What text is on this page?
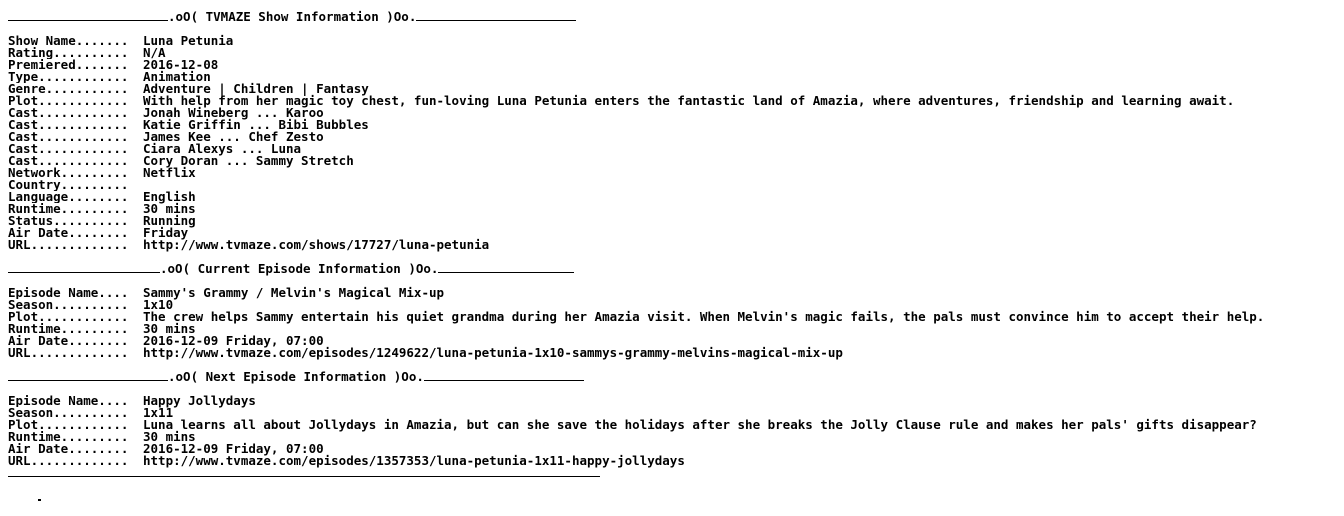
.oO( TVMAZE Show Information )Oo.
Show Name.......	Luna Petunia
Rating..........	N/A
Premiered.......	2016-12-08
Type............	Animation
Genre...........	Adventure | Children | Fantasy
Plot............	With help from her magic toy chest, fun-loving Luna Petunia enters the fantastic land of Amazia, where adventures, friendship and learning await.
Cast............	Jonah Wineberg ... Karoo
Cast............	Katie Griffin ... Bibi Bubbles
Cast............	James Kee ... Chef Zesto
Cast............	Ciara Alexys ... Luna
Cast............	Cory Doran ... Sammy Stretch
Network.........	Netflix
Country.........
Language........	English
Runtime.........	30 mins
Status..........	Running
Air Date........	Friday
URL.............	http://www.tvmaze.com/shows/17727/luna-petunia
.oO( Current Episode Information )Oo.
Episode Name....	Sammy's Grammy / Melvin's Magical Mix-up
Season..........	1x10
Plot............	The crew helps Sammy entertain his quiet grandma during her Amazia visit. When Melvin's magic fails, the pals must convince him to accept their help.
Runtime.........	30 mins
Air Date........	2016-12-09 Friday, 07:00
URL.............	http://www.tvmaze.com/episodes/1249622/luna-petunia-1x10-sammys-grammy-melvins-magical-mix-up
.oO( Next Episode Information )Oo.
Episode Name....	Happy Jollydays
Season..........	1x11
Plot............	Luna learns all about Jollydays in Amazia, but can she save the holidays after she breaks the Jolly Clause rule and makes her pals' gifts disappear?
Runtime.........	30 mins
Air Date........	2016-12-09 Friday, 07:00
URL.............	http://www.tvmaze.com/episodes/1357353/luna-petunia-1x11-happy-jollydays
